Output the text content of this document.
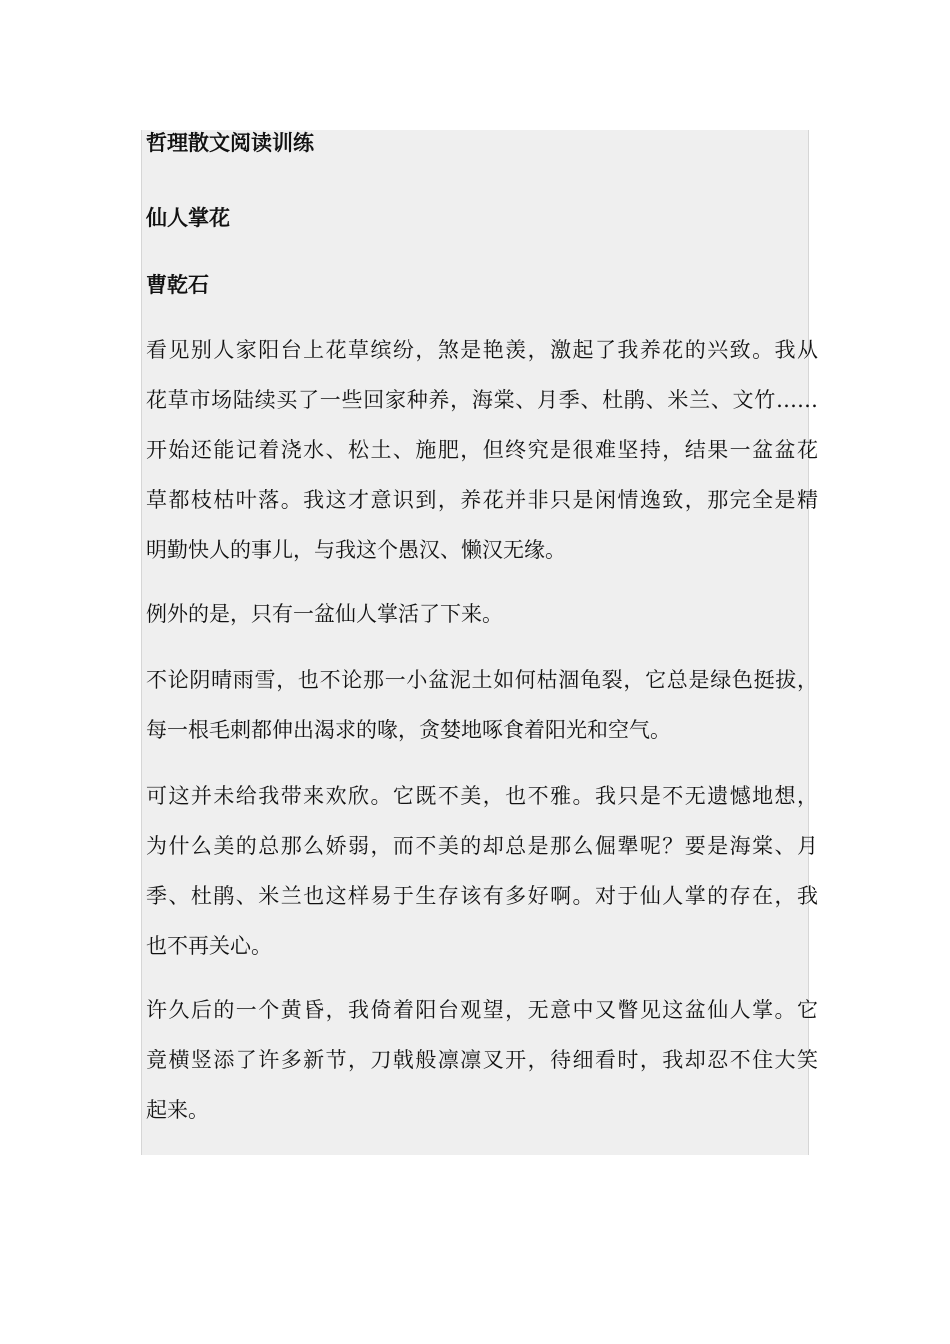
哲理散文阅读训练
仙人掌花
曹乾石
看见别人家阳台上花草缤纷，煞是艳羡，激起了我养花的兴致。我从
花草市场陆续买了一些回家种养，海棠、月季、杜鹃、米兰、文竹……
开始还能记着浇水、松土、施肥，但终究是很难坚持，结果一盆盆花
草都枝枯叶落。我这才意识到，养花并非只是闲情逸致，那完全是精
明勤快人的事儿，与我这个愚汉、懒汉无缘。
例外的是，只有一盆仙人掌活了下来。
不论阴晴雨雪，也不论那一小盆泥土如何枯涸龟裂，它总是绿色挺拔，
每一根毛刺都伸出渴求的喙，贪婪地啄食着阳光和空气。
可这并未给我带来欢欣。它既不美，也不雅。我只是不无遗憾地想，
为什么美的总那么娇弱，而不美的却总是那么倔犟呢？要是海棠、月
季、杜鹃、米兰也这样易于生存该有多好啊。对于仙人掌的存在，我
也不再关心。
许久后的一个黄昏，我倚着阳台观望，无意中又瞥见这盆仙人掌。它
竟横竖添了许多新节，刀戟般凛凛叉开，待细看时，我却忍不住大笑
起来。
